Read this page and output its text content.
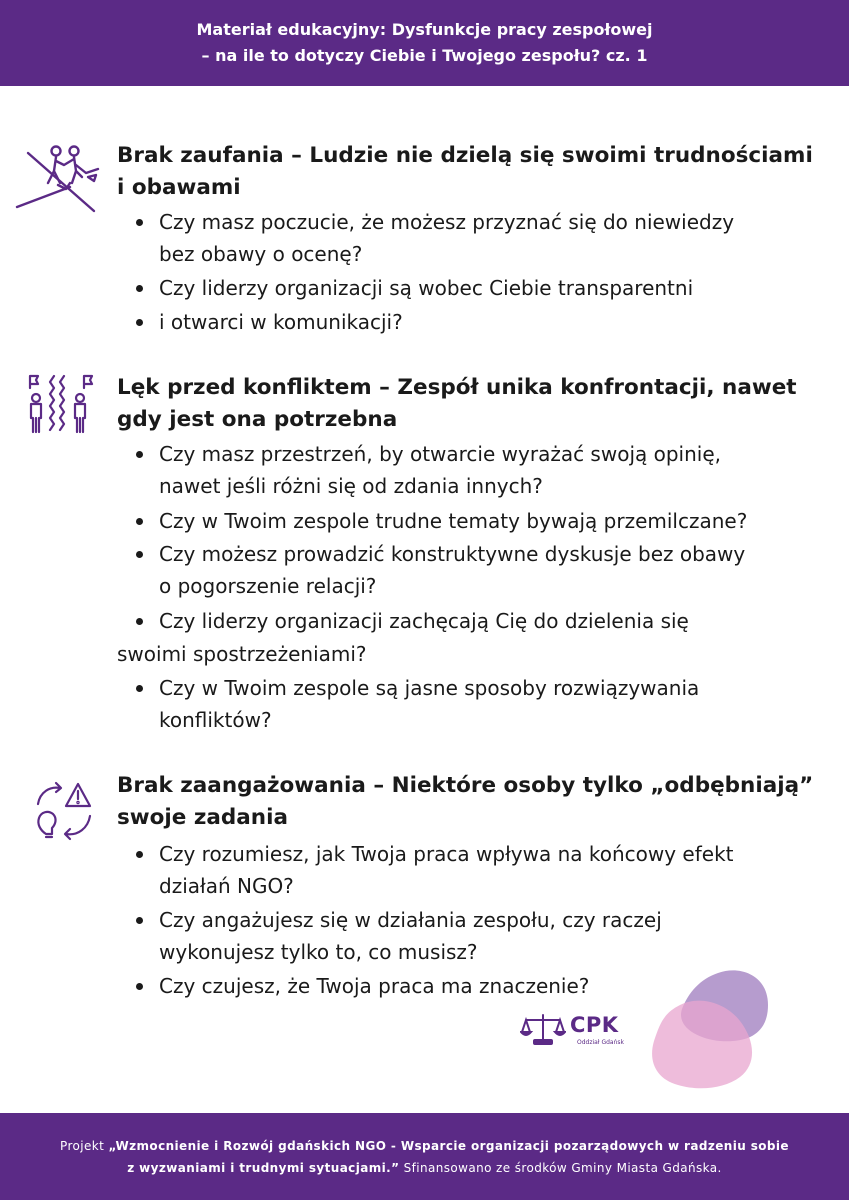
Materiał edukacyjny: Dysfunkcje pracy zespołowej
– na ile to dotyczy Ciebie i Twojego zespołu? cz. 1
Brak zaufania – Ludzie nie dzielą się swoimi trudnościami
i obawami
Czy masz poczucie, że możesz przyznać się do niewiedzy
bez obawy o ocenę?
Czy liderzy organizacji są wobec Ciebie transparentni
i otwarci w komunikacji?
Lęk przed konfliktem – Zespół unika konfrontacji, nawet
gdy jest ona potrzebna
Czy masz przestrzeń, by otwarcie wyrażać swoją opinię,
nawet jeśli różni się od zdania innych?
Czy w Twoim zespole trudne tematy bywają przemilczane?
Czy możesz prowadzić konstruktywne dyskusje bez obawy
o pogorszenie relacji?
Czy liderzy organizacji zachęcają Cię do dzielenia się
swoimi spostrzeżeniami?
Czy w Twoim zespole są jasne sposoby rozwiązywania
konfliktów?
Brak zaangażowania – Niektóre osoby tylko „odbębniają”
swoje zadania
Czy rozumiesz, jak Twoja praca wpływa na końcowy efekt
działań NGO?
Czy angażujesz się w działania zespołu, czy raczej
wykonujesz tylko to, co musisz?
Czy czujesz, że Twoja praca ma znaczenie?
CPK
Oddział Gdańsk
Projekt „Wzmocnienie i Rozwój gdańskich NGO - Wsparcie organizacji pozarządowych w radzeniu sobie
z wyzwaniami i trudnymi sytuacjami.” Sfinansowano ze środków Gminy Miasta Gdańska.
